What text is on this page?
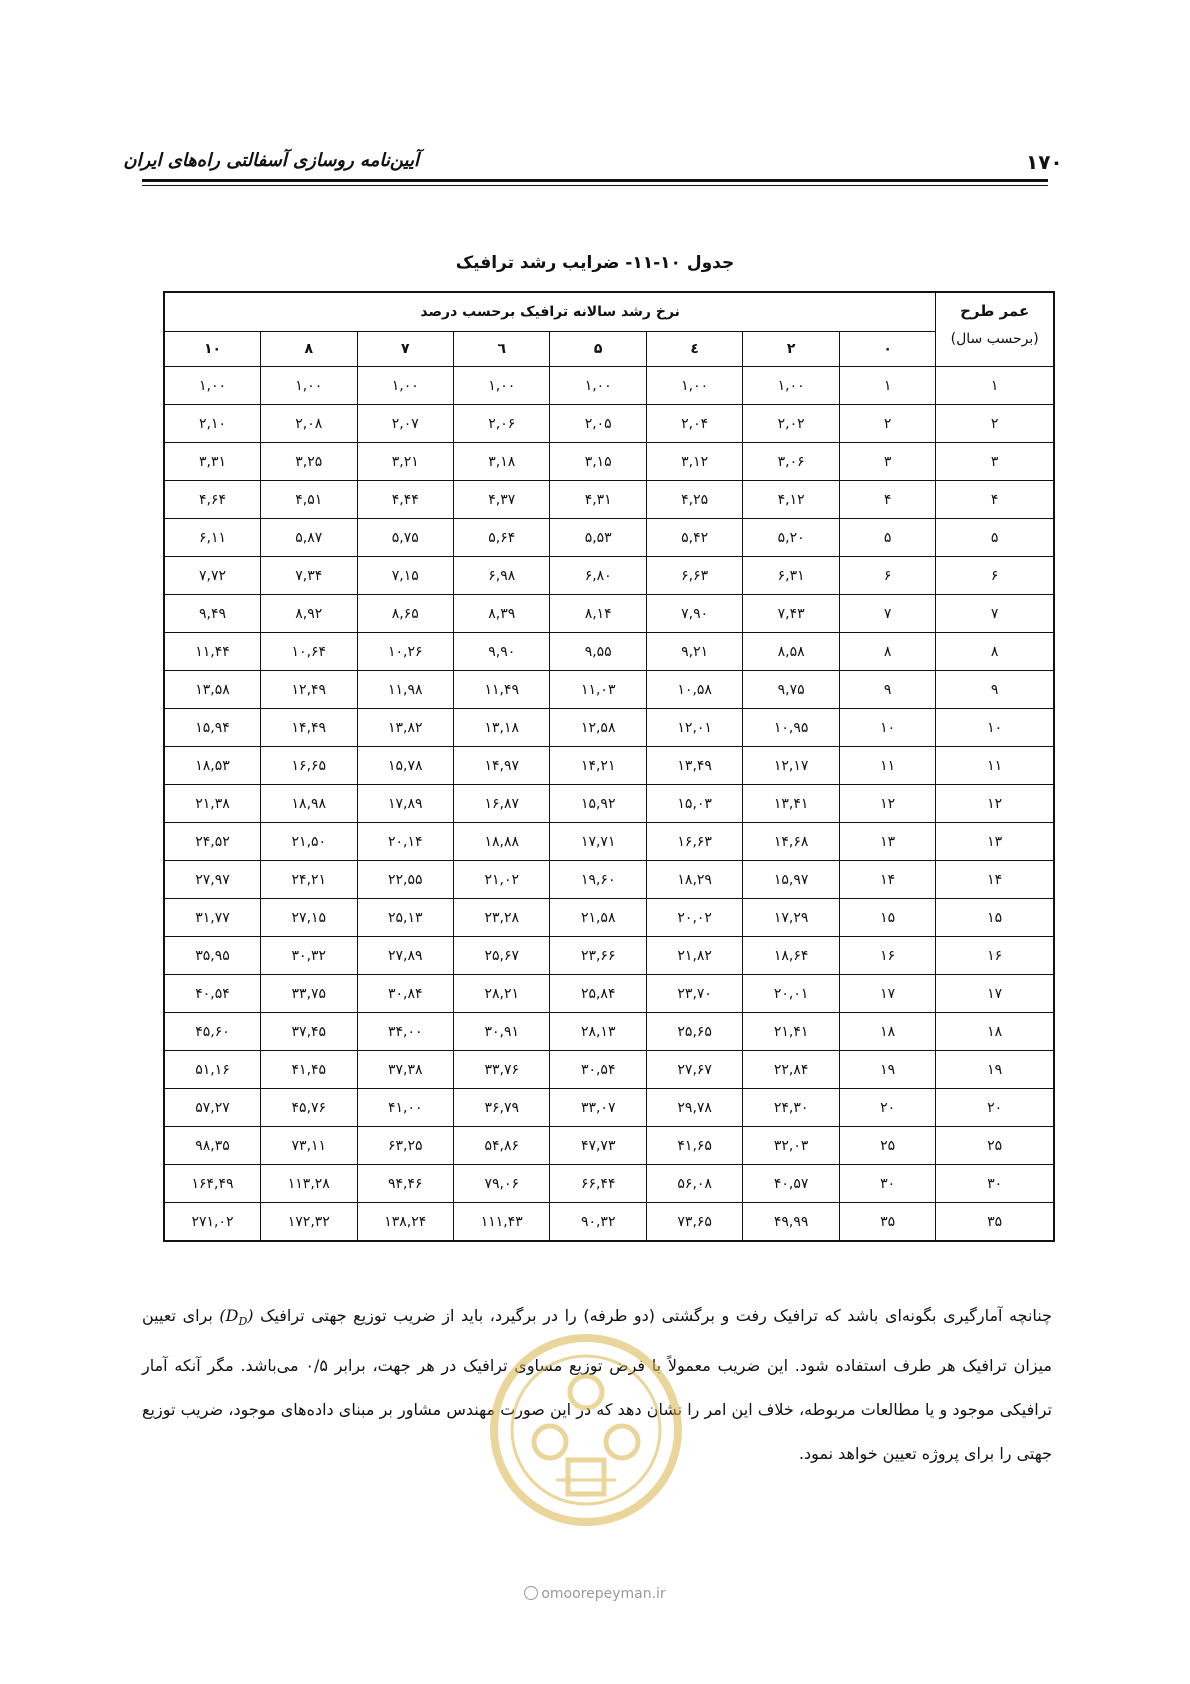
۱۷۰
آیین‌نامه روسازی آسفالتی راه‌های ایران
جدول ۱۰-۱۱- ضرایب رشد ترافیک
عمر طرح
(برحسب سال)	نرخ رشد سالانه ترافیک برحسب درصد							
	۰	۲	٤	۵	٦	۷	۸	۱۰
۱	۱	۱,۰۰	۱,۰۰	۱,۰۰	۱,۰۰	۱,۰۰	۱,۰۰	۱,۰۰
۲	۲	۲,۰۲	۲,۰۴	۲,۰۵	۲,۰۶	۲,۰۷	۲,۰۸	۲,۱۰
۳	۳	۳,۰۶	۳,۱۲	۳,۱۵	۳,۱۸	۳,۲۱	۳,۲۵	۳,۳۱
۴	۴	۴,۱۲	۴,۲۵	۴,۳۱	۴,۳۷	۴,۴۴	۴,۵۱	۴,۶۴
۵	۵	۵,۲۰	۵,۴۲	۵,۵۳	۵,۶۴	۵,۷۵	۵,۸۷	۶,۱۱
۶	۶	۶,۳۱	۶,۶۳	۶,۸۰	۶,۹۸	۷,۱۵	۷,۳۴	۷,۷۲
۷	۷	۷,۴۳	۷,۹۰	۸,۱۴	۸,۳۹	۸,۶۵	۸,۹۲	۹,۴۹
۸	۸	۸,۵۸	۹,۲۱	۹,۵۵	۹,۹۰	۱۰,۲۶	۱۰,۶۴	۱۱,۴۴
۹	۹	۹,۷۵	۱۰,۵۸	۱۱,۰۳	۱۱,۴۹	۱۱,۹۸	۱۲,۴۹	۱۳,۵۸
۱۰	۱۰	۱۰,۹۵	۱۲,۰۱	۱۲,۵۸	۱۳,۱۸	۱۳,۸۲	۱۴,۴۹	۱۵,۹۴
۱۱	۱۱	۱۲,۱۷	۱۳,۴۹	۱۴,۲۱	۱۴,۹۷	۱۵,۷۸	۱۶,۶۵	۱۸,۵۳
۱۲	۱۲	۱۳,۴۱	۱۵,۰۳	۱۵,۹۲	۱۶,۸۷	۱۷,۸۹	۱۸,۹۸	۲۱,۳۸
۱۳	۱۳	۱۴,۶۸	۱۶,۶۳	۱۷,۷۱	۱۸,۸۸	۲۰,۱۴	۲۱,۵۰	۲۴,۵۲
۱۴	۱۴	۱۵,۹۷	۱۸,۲۹	۱۹,۶۰	۲۱,۰۲	۲۲,۵۵	۲۴,۲۱	۲۷,۹۷
۱۵	۱۵	۱۷,۲۹	۲۰,۰۲	۲۱,۵۸	۲۳,۲۸	۲۵,۱۳	۲۷,۱۵	۳۱,۷۷
۱۶	۱۶	۱۸,۶۴	۲۱,۸۲	۲۳,۶۶	۲۵,۶۷	۲۷,۸۹	۳۰,۳۲	۳۵,۹۵
۱۷	۱۷	۲۰,۰۱	۲۳,۷۰	۲۵,۸۴	۲۸,۲۱	۳۰,۸۴	۳۳,۷۵	۴۰,۵۴
۱۸	۱۸	۲۱,۴۱	۲۵,۶۵	۲۸,۱۳	۳۰,۹۱	۳۴,۰۰	۳۷,۴۵	۴۵,۶۰
۱۹	۱۹	۲۲,۸۴	۲۷,۶۷	۳۰,۵۴	۳۳,۷۶	۳۷,۳۸	۴۱,۴۵	۵۱,۱۶
۲۰	۲۰	۲۴,۳۰	۲۹,۷۸	۳۳,۰۷	۳۶,۷۹	۴۱,۰۰	۴۵,۷۶	۵۷,۲۷
۲۵	۲۵	۳۲,۰۳	۴۱,۶۵	۴۷,۷۳	۵۴,۸۶	۶۳,۲۵	۷۳,۱۱	۹۸,۳۵
۳۰	۳۰	۴۰,۵۷	۵۶,۰۸	۶۶,۴۴	۷۹,۰۶	۹۴,۴۶	۱۱۳,۲۸	۱۶۴,۴۹
۳۵	۳۵	۴۹,۹۹	۷۳,۶۵	۹۰,۳۲	۱۱۱,۴۳	۱۳۸,۲۴	۱۷۲,۳۲	۲۷۱,۰۲
چنانچه آمارگیری بگونه‌ای باشد که ترافیک رفت و برگشتی (دو طرفه) را در برگیرد، باید از ضریب توزیع جهتی ترافیک $(D_D)$ برای تعیین میزان ترافیک هر طرف استفاده شود. این ضریب معمولاً با فرض توزیع مساوی ترافیک در هر جهت، برابر ۰/۵ می‌باشد. مگر آنکه آمار ترافیکی موجود و یا مطالعات مربوطه، خلاف این امر را نشان دهد که در این صورت مهندس مشاور بر مبنای داده‌های موجود، ضریب توزیع جهتی را برای پروژه تعیین خواهد نمود.
omoorepeyman.ir
